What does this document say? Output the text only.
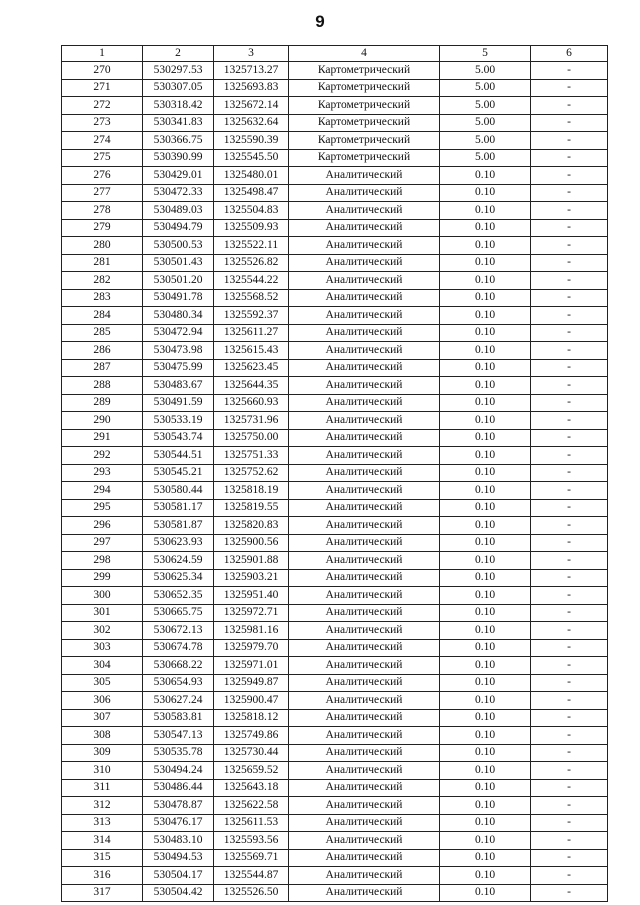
9
1	2	3	4	5	6
270	530297.53	1325713.27	Картометрический	5.00	-
271	530307.05	1325693.83	Картометрический	5.00	-
272	530318.42	1325672.14	Картометрический	5.00	-
273	530341.83	1325632.64	Картометрический	5.00	-
274	530366.75	1325590.39	Картометрический	5.00	-
275	530390.99	1325545.50	Картометрический	5.00	-
276	530429.01	1325480.01	Аналитический	0.10	-
277	530472.33	1325498.47	Аналитический	0.10	-
278	530489.03	1325504.83	Аналитический	0.10	-
279	530494.79	1325509.93	Аналитический	0.10	-
280	530500.53	1325522.11	Аналитический	0.10	-
281	530501.43	1325526.82	Аналитический	0.10	-
282	530501.20	1325544.22	Аналитический	0.10	-
283	530491.78	1325568.52	Аналитический	0.10	-
284	530480.34	1325592.37	Аналитический	0.10	-
285	530472.94	1325611.27	Аналитический	0.10	-
286	530473.98	1325615.43	Аналитический	0.10	-
287	530475.99	1325623.45	Аналитический	0.10	-
288	530483.67	1325644.35	Аналитический	0.10	-
289	530491.59	1325660.93	Аналитический	0.10	-
290	530533.19	1325731.96	Аналитический	0.10	-
291	530543.74	1325750.00	Аналитический	0.10	-
292	530544.51	1325751.33	Аналитический	0.10	-
293	530545.21	1325752.62	Аналитический	0.10	-
294	530580.44	1325818.19	Аналитический	0.10	-
295	530581.17	1325819.55	Аналитический	0.10	-
296	530581.87	1325820.83	Аналитический	0.10	-
297	530623.93	1325900.56	Аналитический	0.10	-
298	530624.59	1325901.88	Аналитический	0.10	-
299	530625.34	1325903.21	Аналитический	0.10	-
300	530652.35	1325951.40	Аналитический	0.10	-
301	530665.75	1325972.71	Аналитический	0.10	-
302	530672.13	1325981.16	Аналитический	0.10	-
303	530674.78	1325979.70	Аналитический	0.10	-
304	530668.22	1325971.01	Аналитический	0.10	-
305	530654.93	1325949.87	Аналитический	0.10	-
306	530627.24	1325900.47	Аналитический	0.10	-
307	530583.81	1325818.12	Аналитический	0.10	-
308	530547.13	1325749.86	Аналитический	0.10	-
309	530535.78	1325730.44	Аналитический	0.10	-
310	530494.24	1325659.52	Аналитический	0.10	-
311	530486.44	1325643.18	Аналитический	0.10	-
312	530478.87	1325622.58	Аналитический	0.10	-
313	530476.17	1325611.53	Аналитический	0.10	-
314	530483.10	1325593.56	Аналитический	0.10	-
315	530494.53	1325569.71	Аналитический	0.10	-
316	530504.17	1325544.87	Аналитический	0.10	-
317	530504.42	1325526.50	Аналитический	0.10	-
